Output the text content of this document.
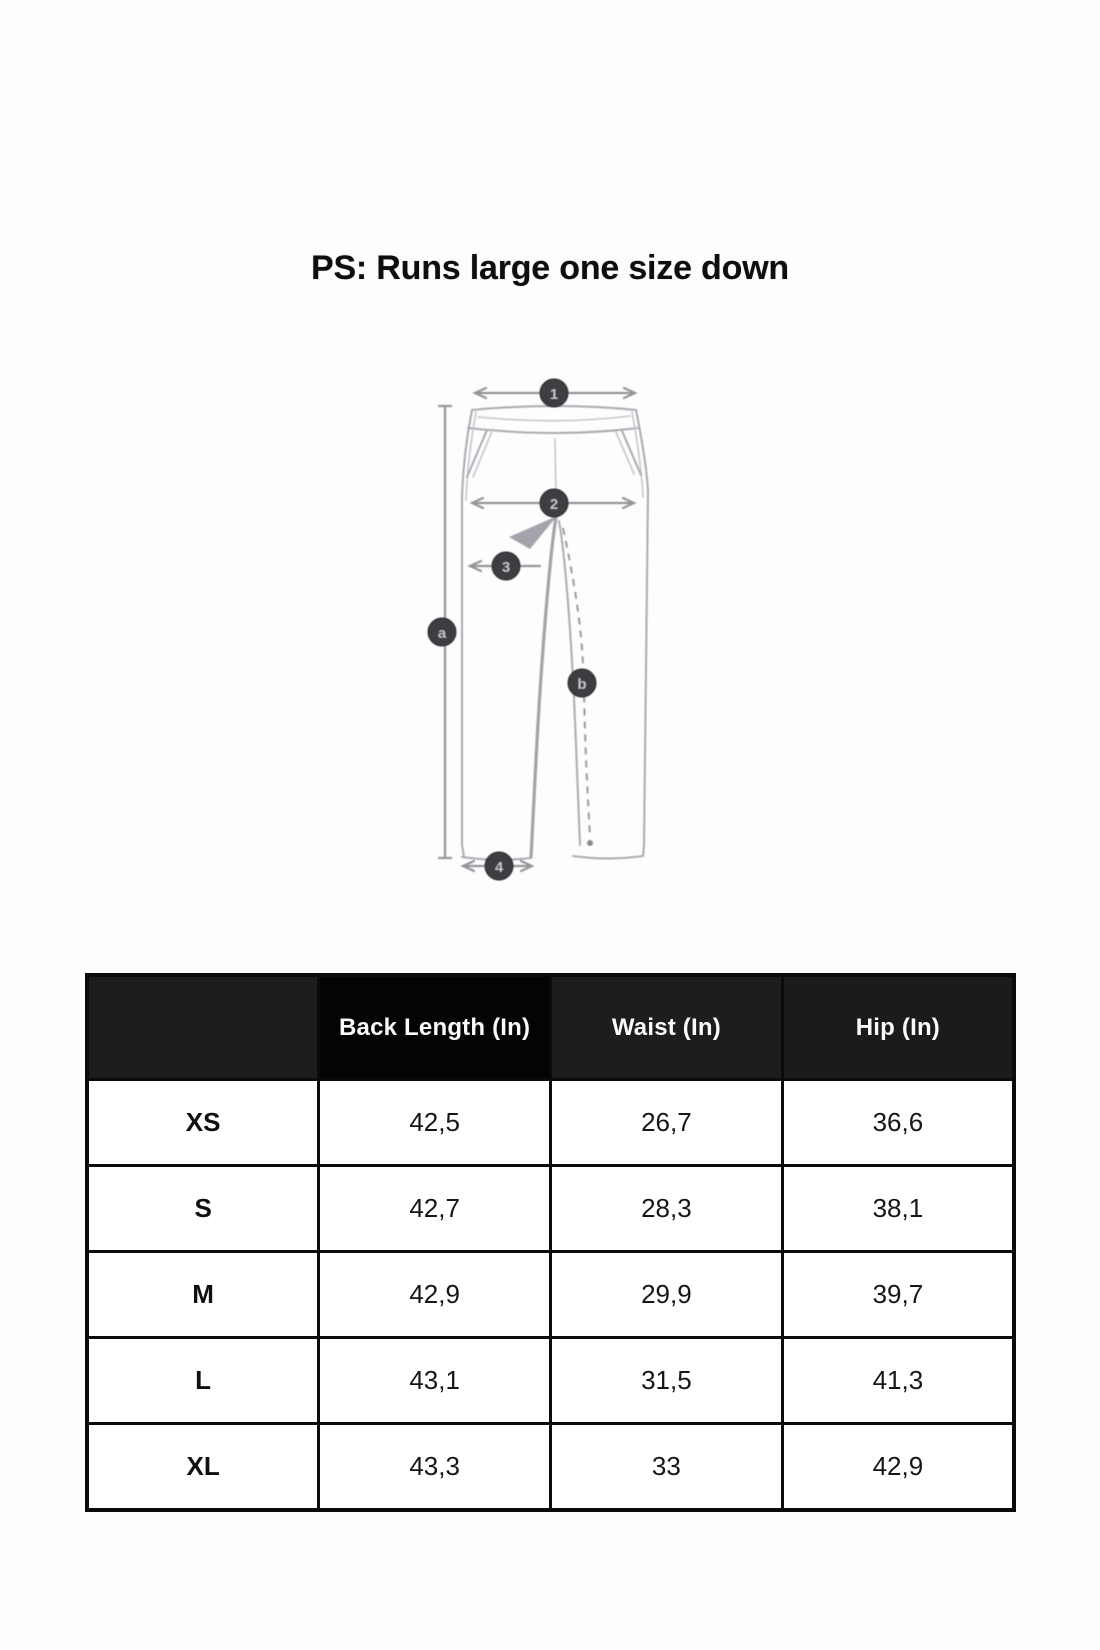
PS: Runs large one size down
1
2
3
4
a
b
	Back Length (In)	Waist (In)	Hip (In)
XS	42,5	26,7	36,6
S	42,7	28,3	38,1
M	42,9	29,9	39,7
L	43,1	31,5	41,3
XL	43,3	33	42,9
